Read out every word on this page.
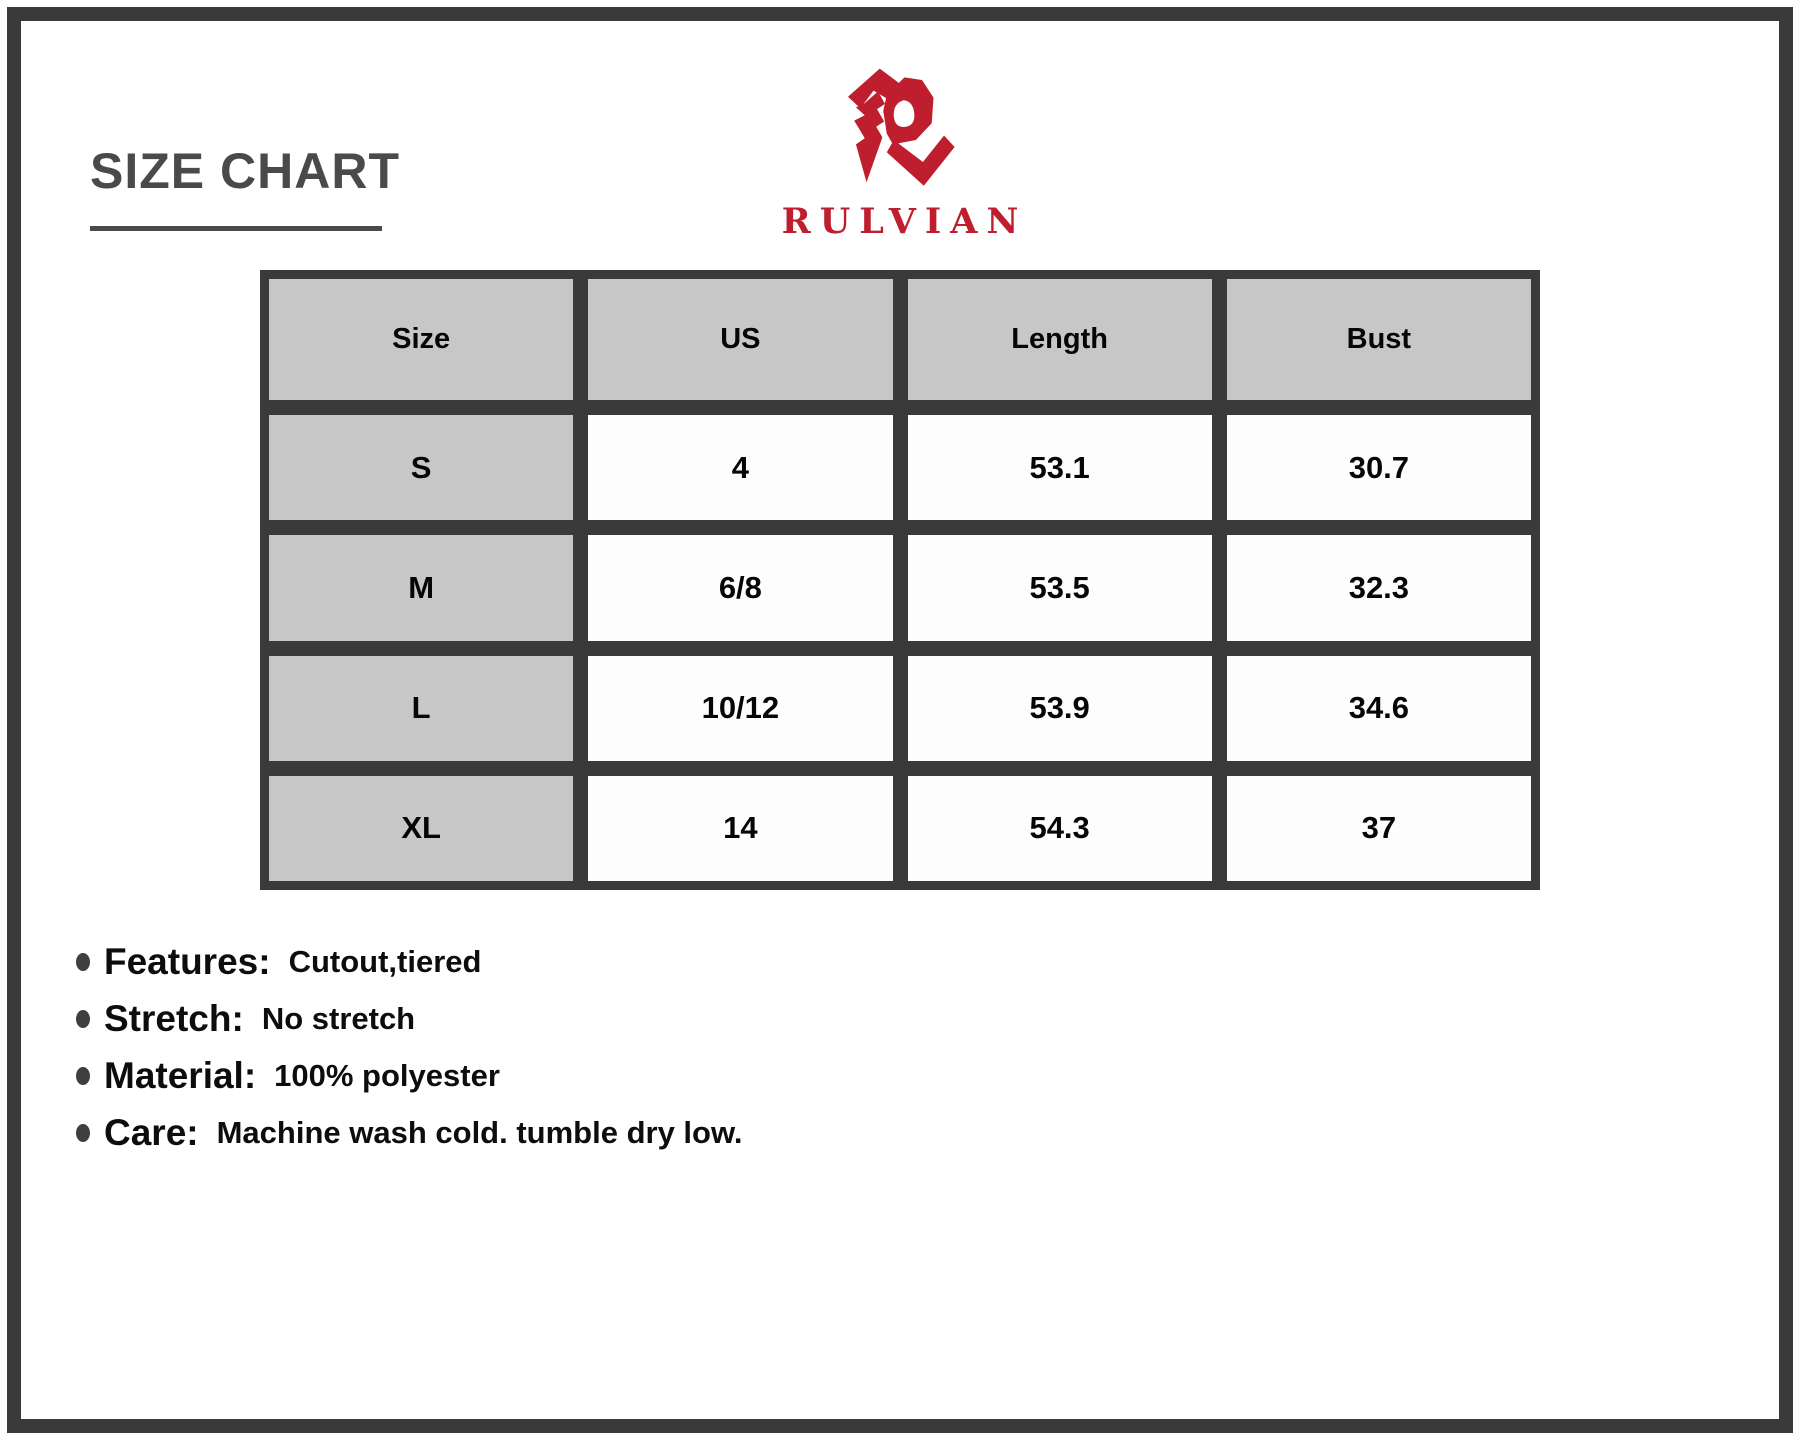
SIZE CHART
RULVIAN
Size	US	Length	Bust
S	4	53.1	30.7
M	6/8	53.5	32.3
L	10/12	53.9	34.6
XL	14	54.3	37
Features: Cutout,tiered
Stretch: No stretch
Material: 100% polyester
Care: Machine wash cold. tumble dry low.
